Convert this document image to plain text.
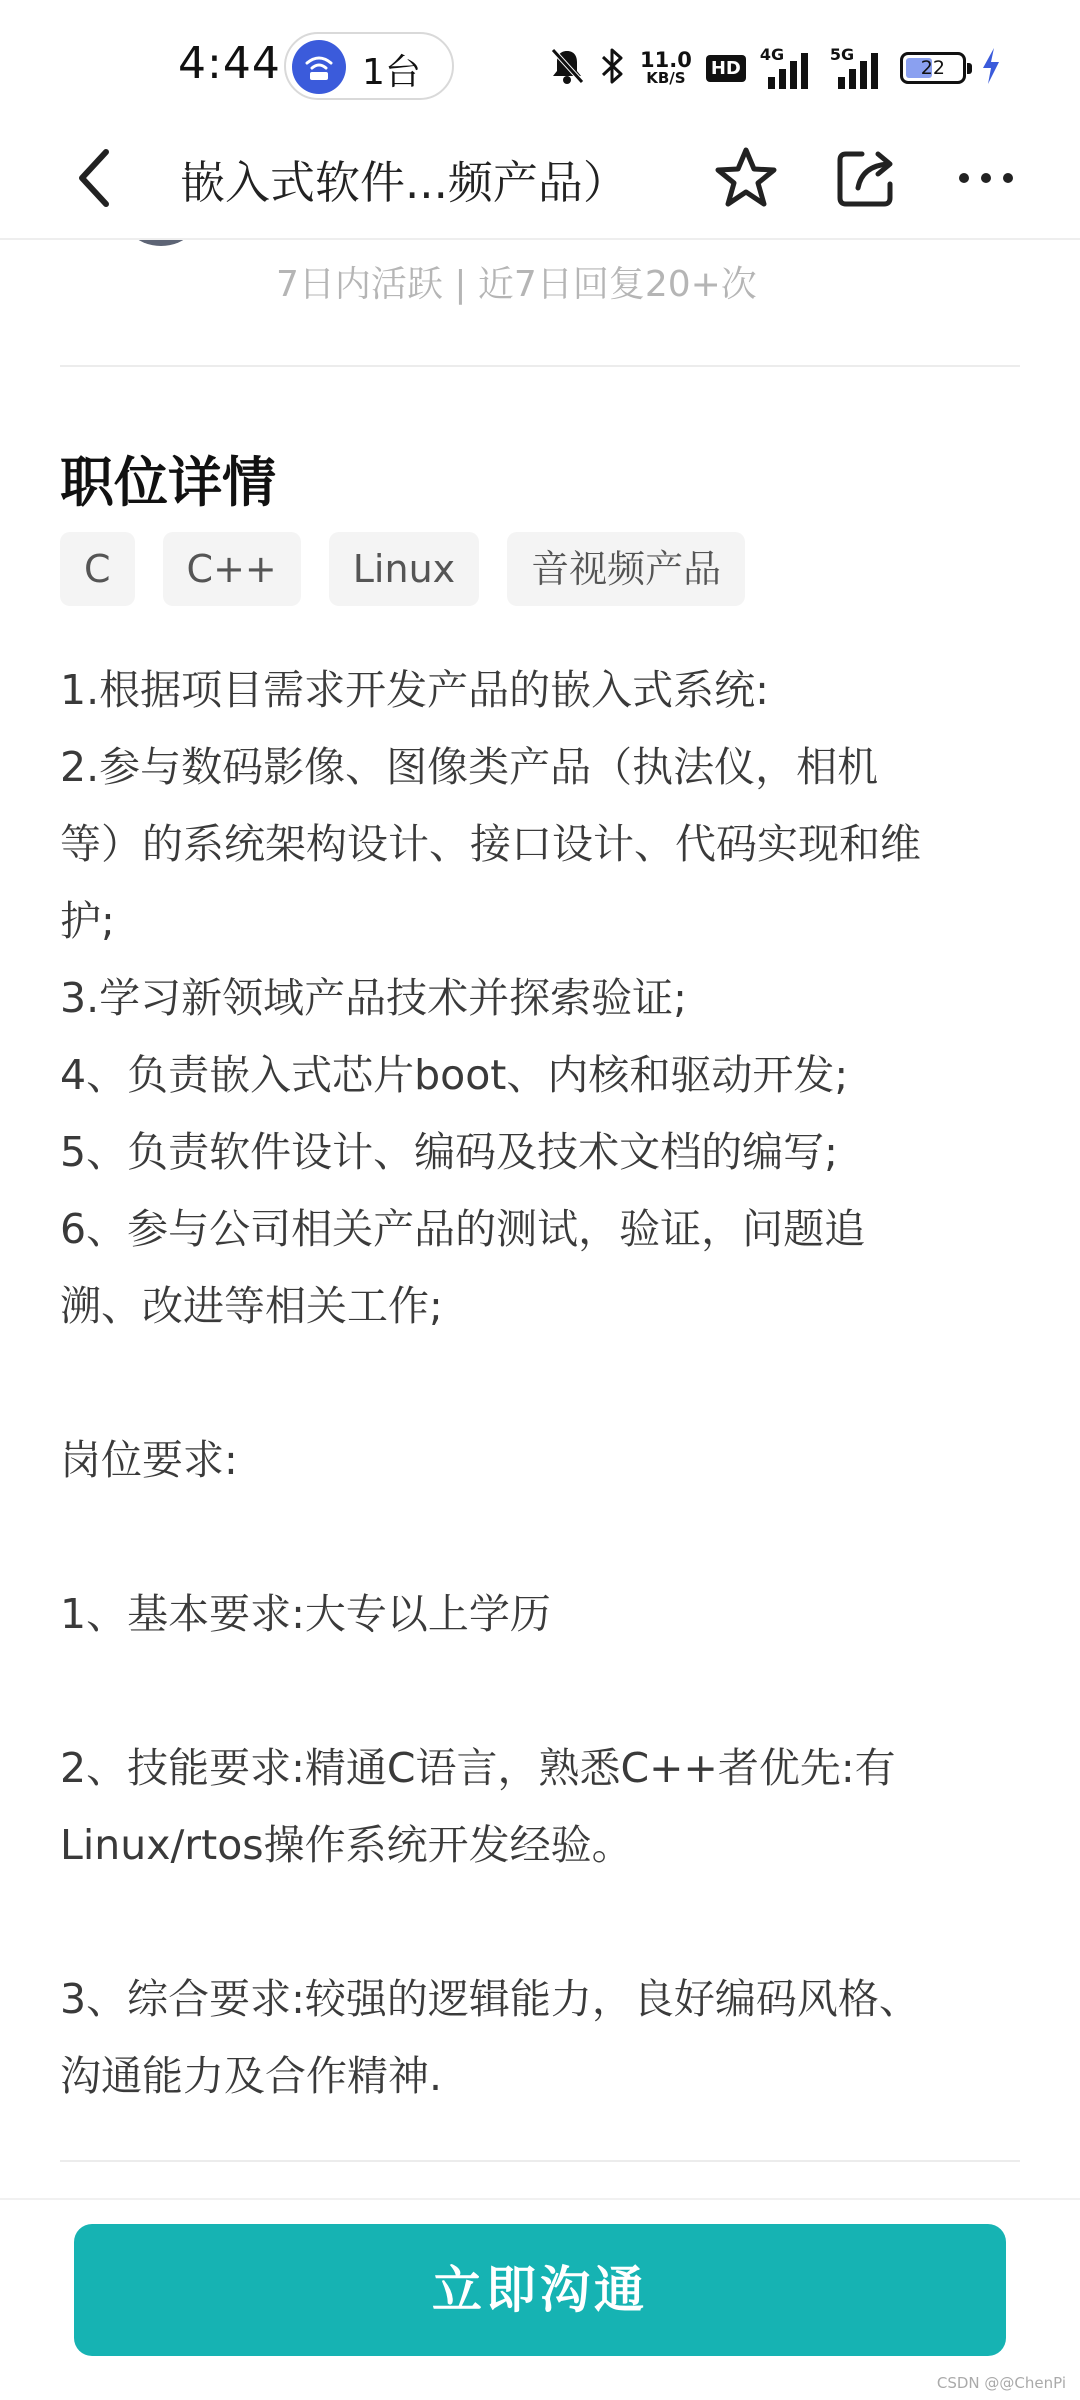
4:44 1台	11.0
KB/S HD
4G	5G
22
7日内活跃 | 近7日回复20+次
嵌入式软件...频产品）
职位详情
C	C++	Linux	音视频产品
1.根据项目需求开发产品的嵌入式系统:
2.参与数码影像、图像类产品（执法仪，相机
等）的系统架构设计、接口设计、代码实现和维
护;
3.学习新领域产品技术并探索验证;
4、负责嵌入式芯片boot、内核和驱动开发;
5、负责软件设计、编码及技术文档的编写;
6、参与公司相关产品的测试，验证，问题追
溯、改进等相关工作;
岗位要求:
1、基本要求:大专以上学历
2、技能要求:精通C语言，熟悉C++者优先:有
Linux/rtos操作系统开发经验。
3、综合要求:较强的逻辑能力，良好编码风格、
沟通能力及合作精神.
立即沟通
CSDN @@ChenPi
